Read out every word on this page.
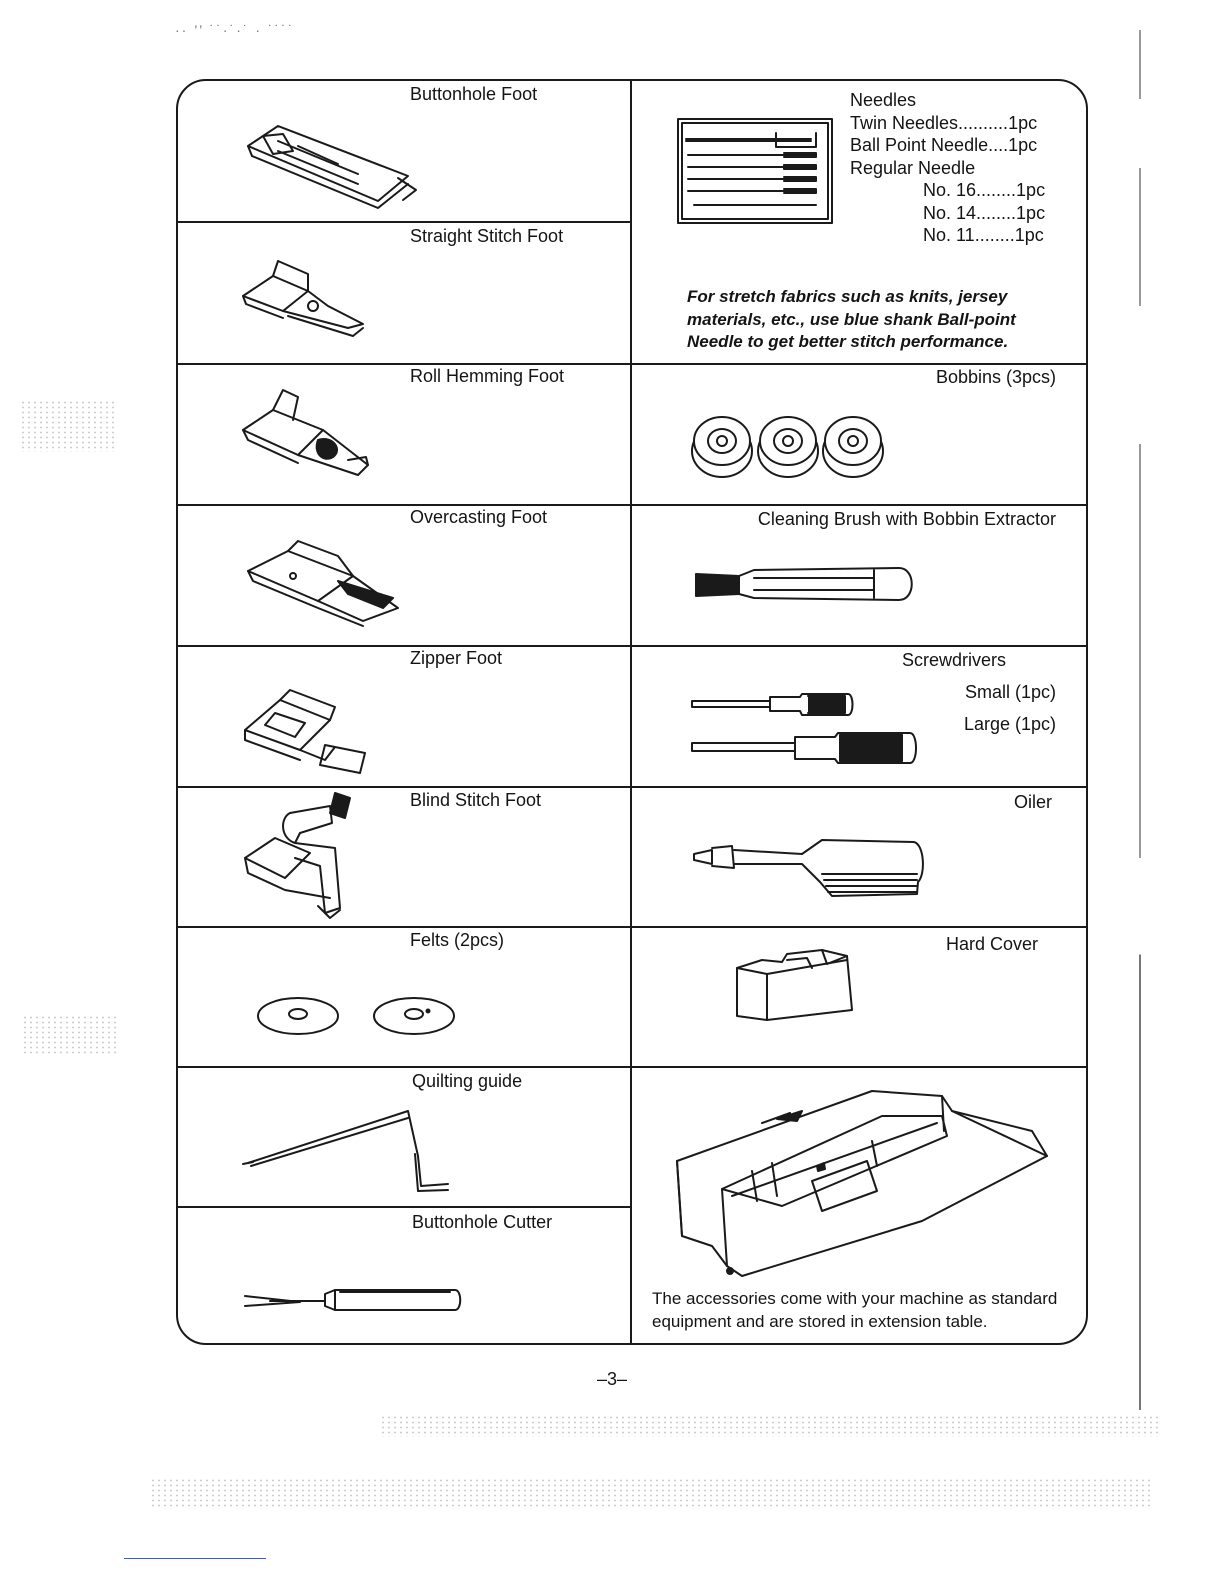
·· ’’ ˙˙·˙·˙ · ˙˙˙˙
Buttonhole Foot
Straight Stitch Foot
Roll Hemming Foot
Overcasting Foot
Zipper Foot
Blind Stitch Foot
Felts (2pcs)
Quilting guide
Buttonhole Cutter
Needles
Twin Needles..........1pc
Ball Point Needle....1pc
Regular Needle
No. 16........1pc
No. 14........1pc
No. 11........1pc
For stretch fabrics such as knits, jersey materials, etc., use blue shank Ball-point Needle to get better stitch performance.
Bobbins (3pcs)
Cleaning Brush with Bobbin Extractor
Screwdrivers
Small (1pc)
Large (1pc)
Oiler
Hard Cover
The accessories come with your machine as standard equipment and are stored in extension table.
–3–
